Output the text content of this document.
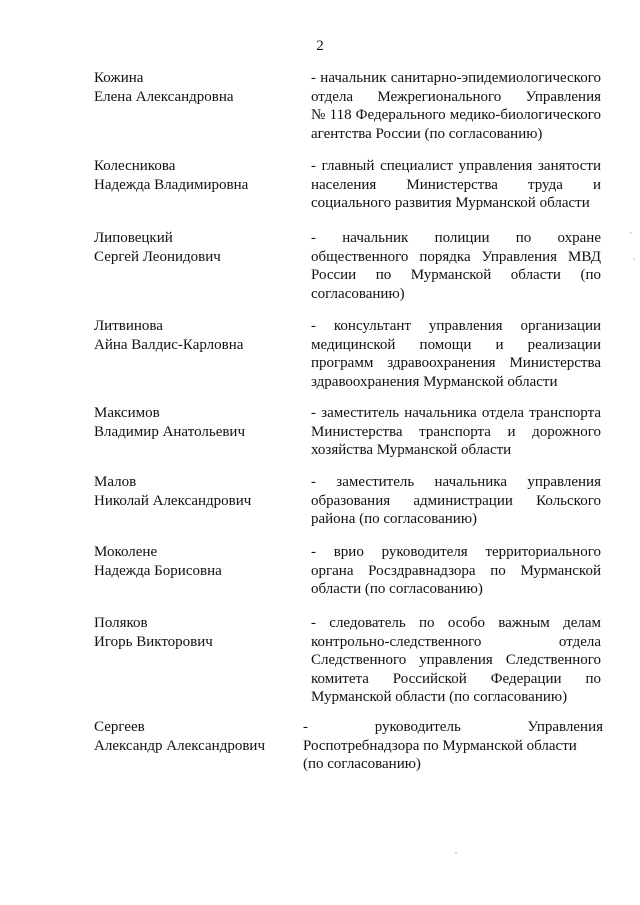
2
Кожина
Елена Александровна
- начальник санитарно-эпидемиологического
отдела Межрегионального Управления
№ 118 Федерального медико-биологического
агентства России (по согласованию)
Колесникова
Надежда Владимировна
- главный специалист управления занятости
населения Министерства труда и
социального развития Мурманской области
Липовецкий
Сергей Леонидович
- начальник полиции по охране
общественного порядка Управления МВД
России по Мурманской области (по
согласованию)
Литвинова
Айна Валдис-Карловна
- консультант управления организации
медицинской помощи и реализации
программ здравоохранения Министерства
здравоохранения Мурманской области
Максимов
Владимир Анатольевич
- заместитель начальника отдела транспорта
Министерства транспорта и дорожного
хозяйства Мурманской области
Малов
Николай Александрович
- заместитель начальника управления
образования администрации Кольского
района (по согласованию)
Моколене
Надежда Борисовна
- врио руководителя территориального
органа Росздравнадзора по Мурманской
области (по согласованию)
Поляков
Игорь Викторович
- следователь по особо важным делам
контрольно-следственного отдела
Следственного управления Следственного
комитета Российской Федерации по
Мурманской области (по согласованию)
Сергеев
Александр Александрович
- руководитель Управления
Роспотребнадзора по Мурманской области
(по согласованию)
